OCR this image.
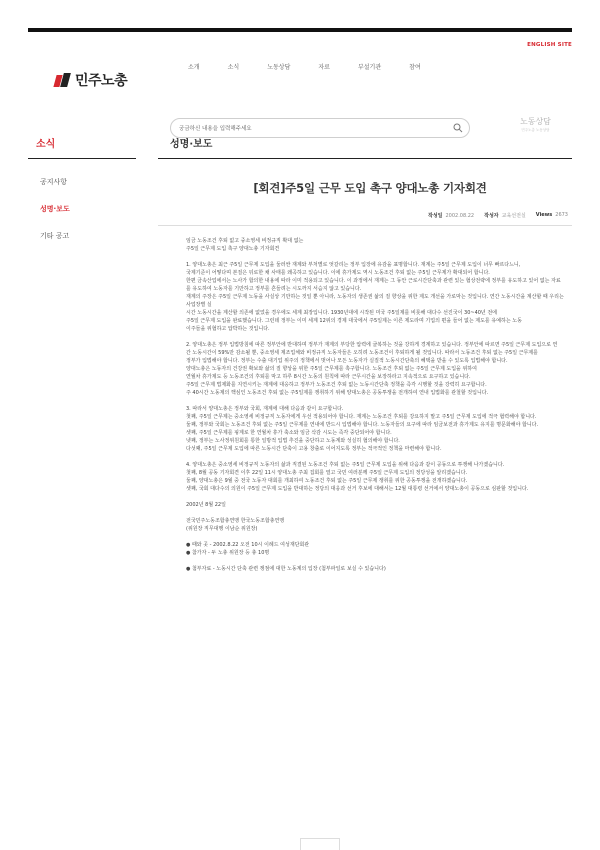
ENGLISH SITE
민주노총
소개	소식	노동상담	자료	부설기관	참여
궁금하신 내용을 입력해주세요
노동상담
민주노총 노동상담
소식
공지사항
성명·보도
기타 공고
성명·보도
[회견]주5일 근무 도입 촉구 양대노총 기자회견
작성일 2002.08.22 작성자 교육선전실 Views 2673

임금 노동조건 후퇴 없고 중소영세 비정규직 확대 없는

주5일 근무제 도입 촉구 양대노총 기자회견

1. 양대노총은 최근 주5일 근무제 도입을 둘러싼 재계와 부처별로 엇갈리는 정부 입장에 유감을 표명합니다. 재계는 주5일 근무제 도입이 너무 빠르다느니,

국제기준이 어떻다며 본질은 뒤로한 채 사태를 왜곡하고 있습니다. 이에 휴가제도 역시 노동조건 후퇴 없는 주5일 근무제가 확대되어 합니다.

한편 금속산업에서는 노사가 합의한 내용에 따라 이미 적용되고 있습니다. 이 과정에서 재계는 그 동안 근로시간단축과 관련 있는 협상전략에 정부를 유도하고 있어 없는 자료

를 유도하여 노동자를 기만하고 정부를 흔들려는 시도까지 서슴지 않고 있습니다.

재계의 주장은 주5일 근무제 노동을 사실상 기만하는 것일 뿐 아니라, 노동자의 생존권 삶의 질 향상을 위한 제도 개선을 가로막는 것입니다. 연간 노동시간을 계산할 때 우리는 사업장별 실

시간 노동시간을 계산할 의존에 없었을 경우에도 세계 최장입니다. 1930년대에 시작된 미국 주5일제를 비롯해 대다수 선진국이 30~40년 전에

주5일 근무제 도입을 완료했습니다. 그런데 정부는 이미 세계 12위의 경제 대국에서 주5일제는 이른 제도라며 기업의 편을 들어 없는 제도를 유예하는 노동

이주들을 위협하고 압박하는 것입니다.

2. 양대노총은 정부 입법방침에 따른 정부안에 반대하며 정부가 재계의 부당한 압력에 굴복하는 것을 강하게 경계하고 있습니다. 정부안에 따르면 주5일 근무제 도입으로 연

간 노동시간이 59%만 감소될 뿐, 중소영세 제조업체와 비정규직 노동자들은 오히려 노동조건이 후퇴하게 될 것입니다. 따라서 노동조건 후퇴 없는 주5일 근무제를

정부가 입법해야 합니다. 정부는 수출 대기업 위주의 정책에서 벗어나 모든 노동자가 실질적 노동시간단축의 혜택을 받을 수 있도록 입법해야 합니다.

양대노총은 노동자의 건강권 확보와 삶의 질 향상을 위한 주5일 근무제를 촉구합니다. 노동조건 후퇴 없는 주5일 근무제 도입을 위하여

연월차 휴가제도 등 노동조건의 후퇴를 막고 하루 8시간 노동의 원칙에 따라 근무시간을 보장하라고 지속적으로 요구하고 있습니다.

주5일 근무제 법제화를 지연시키는 재계에 대응하고 정부가 노동조건 후퇴 없는 노동시간단축 정책을 즉각 시행할 것을 강력히 요구합니다.

주 40시간 노동제의 핵심인 노동조건 후퇴 없는 주5일제를 쟁취하기 위해 양대노총은 공동투쟁을 전개하여 연내 입법화를 관철할 것입니다.

3. 따라서 양대노총은 정부와 국회, 재계에 대해 다음과 같이 요구합니다.

첫째, 주5일 근무제는 중소영세 비정규직 노동자에게 우선 적용되어야 합니다. 재계는 노동조건 후퇴를 강요하지 말고 주5일 근무제 도입에 적극 협력해야 합니다.

둘째, 정부와 국회는 노동조건 후퇴 없는 주5일 근무제를 연내에 반드시 입법해야 합니다. 노동자들의 요구에 따라 임금보전과 휴가제도 유지를 명문화해야 합니다.

셋째, 주5일 근무제를 핑계로 한 연월차 휴가 축소와 임금 삭감 시도는 즉각 중단되어야 합니다.

넷째, 정부는 노사정위원회를 통한 일방적 입법 추진을 중단하고 노동계와 성실히 협의해야 합니다.

다섯째, 주5일 근무제 도입에 따른 노동시간 단축이 고용 창출로 이어지도록 정부는 적극적인 정책을 마련해야 합니다.

4. 양대노총은 중소영세 비정규직 노동자의 삶과 직결된 노동조건 후퇴 없는 주5일 근무제 도입을 위해 다음과 같이 공동으로 투쟁해 나가겠습니다.

첫째, 8월 공동 기자회견 이후 22일 11시 양대노총 주최 집회를 열고 국민 여러분께 주5일 근무제 도입의 정당성을 알리겠습니다.

둘째, 양대노총은 9월 중 전국 노동자 대회를 개최하여 노동조건 후퇴 없는 주5일 근무제 쟁취를 위한 공동투쟁을 전개하겠습니다.

셋째, 국회 대다수의 의원이 주5일 근무제 도입을 반대하는 정당의 대응과 선거 후보에 대해서는 12월 대통령 선거에서 양대노총이 공동으로 심판할 것입니다.

2002년 8월 22일

전국민주노동조합총연맹 한국노동조합총연맹

(위원장 직무대행 이남순 위원장)

● 때와 곳 - 2002.8.22 오전 10시 이례드 여성재단회관

● 참가자 - 두 노총 위원장 등 총 10명

● 첨부자료 - 노동시간 단축 관련 쟁점에 대한 노동계의 입장 (첨부파일로 보실 수 있습니다)
